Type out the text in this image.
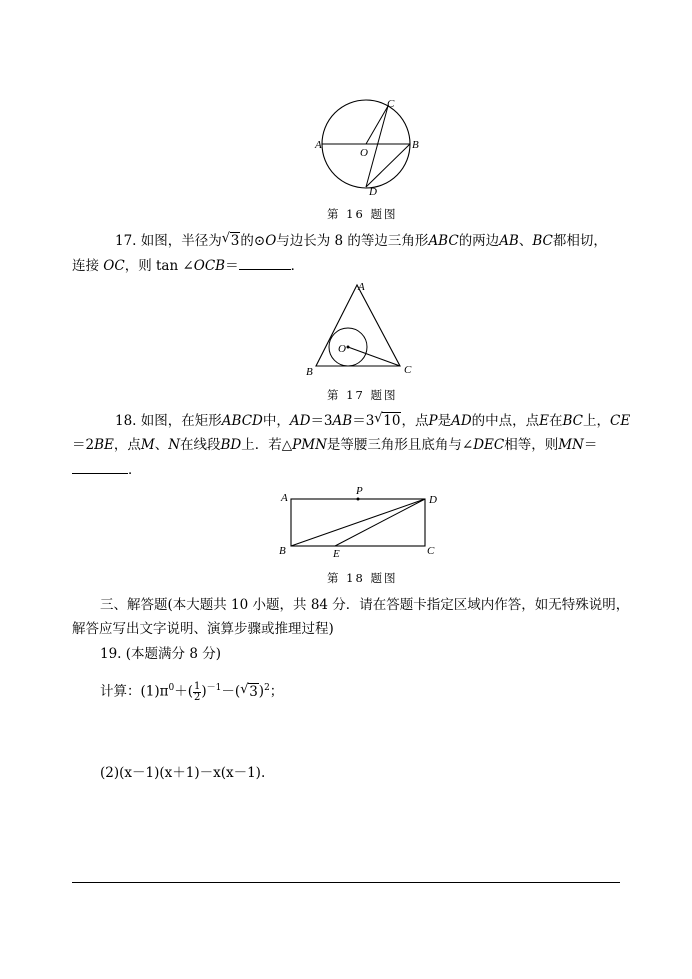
A	B
C
D
O
第 16 题图
17. 如图，半径为 √ 3的⊙O与边长为 8 的等边三角形ABC的两边AB、BC都相切，
连接 OC，则 tan ∠OCB＝	．
A
B	C
O
第 17 题图
18. 如图，在矩形ABCD中，AD＝3AB＝3 √ 10，点P是AD的中点，点E在BC上，CE
＝2BE，点M、N在线段BD上．若△PMN是等腰三角形且底角与∠DEC相等，则MN＝
．
A
B	C
D
E
P
第 18 题图
三、解答题(本大题共 10 小题，共 84 分．请在答题卡指定区域内作答，如无特殊说明，
解答应写出文字说明、演算步骤或推理过程)
19. (本题满分 8 分)
计算：$(1)\pi^0+( \frac{1}{2} )^{-1}-$( √ 3)$^2$；
(2)(x－1)(x＋1)－x(x－1).
